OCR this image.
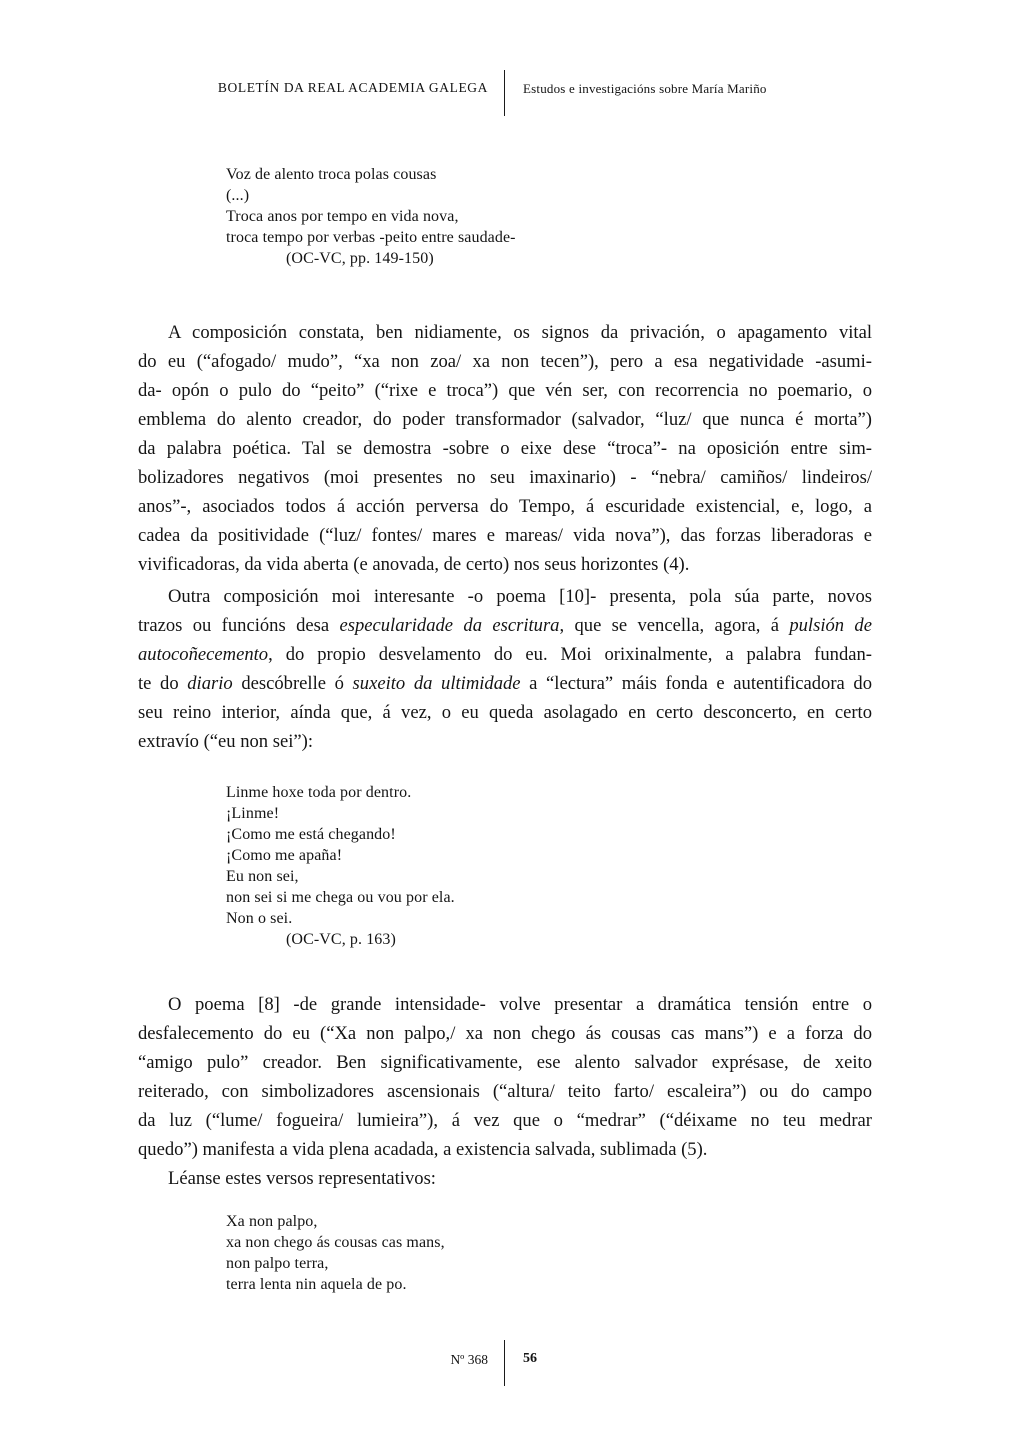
BOLETÍN DA REAL ACADEMIA GALEGA	Estudos e investigacións sobre María Mariño
Voz de alento troca polas cousas
(...)
Troca anos por tempo en vida nova,
troca tempo por verbas -peito entre saudade-
(OC-VC, pp. 149-150)
A composición constata, ben nidiamente, os signos da privación, o apagamento vital
do eu (“afogado/ mudo”, “xa non zoa/ xa non tecen”), pero a esa negatividade -asumi-
da- opón o pulo do “peito” (“rixe e troca”) que vén ser, con recorrencia no poemario, o
emblema do alento creador, do poder transformador (salvador, “luz/ que nunca é morta”)
da palabra poética. Tal se demostra -sobre o eixe dese “troca”- na oposición entre sim-
bolizadores negativos (moi presentes no seu imaxinario) - “nebra/ camiños/ lindeiros/
anos”-, asociados todos á acción perversa do Tempo, á escuridade existencial, e, logo, a
cadea da positividade (“luz/ fontes/ mares e mareas/ vida nova”), das forzas liberadoras e
vivificadoras, da vida aberta (e anovada, de certo) nos seus horizontes (4).
Outra composición moi interesante -o poema [10]- presenta, pola súa parte, novos
trazos ou funcións desa especularidade da escritura, que se vencella, agora, á pulsión de
autocoñecemento, do propio desvelamento do eu. Moi orixinalmente, a palabra fundan-
te do diario descóbrelle ó suxeito da ultimidade a “lectura” máis fonda e autentificadora do
seu reino interior, aínda que, á vez, o eu queda asolagado en certo desconcerto, en certo
extravío (“eu non sei”):
Linme hoxe toda por dentro.
¡Linme!
¡Como me está chegando!
¡Como me apaña!
Eu non sei,
non sei si me chega ou vou por ela.
Non o sei.
(OC-VC, p. 163)
O poema [8] -de grande intensidade- volve presentar a dramática tensión entre o
desfalecemento do eu (“Xa non palpo,/ xa non chego ás cousas cas mans”) e a forza do
“amigo pulo” creador. Ben significativamente, ese alento salvador exprésase, de xeito
reiterado, con simbolizadores ascensionais (“altura/ teito farto/ escaleira”) ou do campo
da luz (“lume/ fogueira/ lumieira”), á vez que o “medrar” (“déixame no teu medrar
quedo”) manifesta a vida plena acadada, a existencia salvada, sublimada (5).
Léanse estes versos representativos:
Xa non palpo,
xa non chego ás cousas cas mans,
non palpo terra,
terra lenta nin aquela de po.
Nº 368	56
